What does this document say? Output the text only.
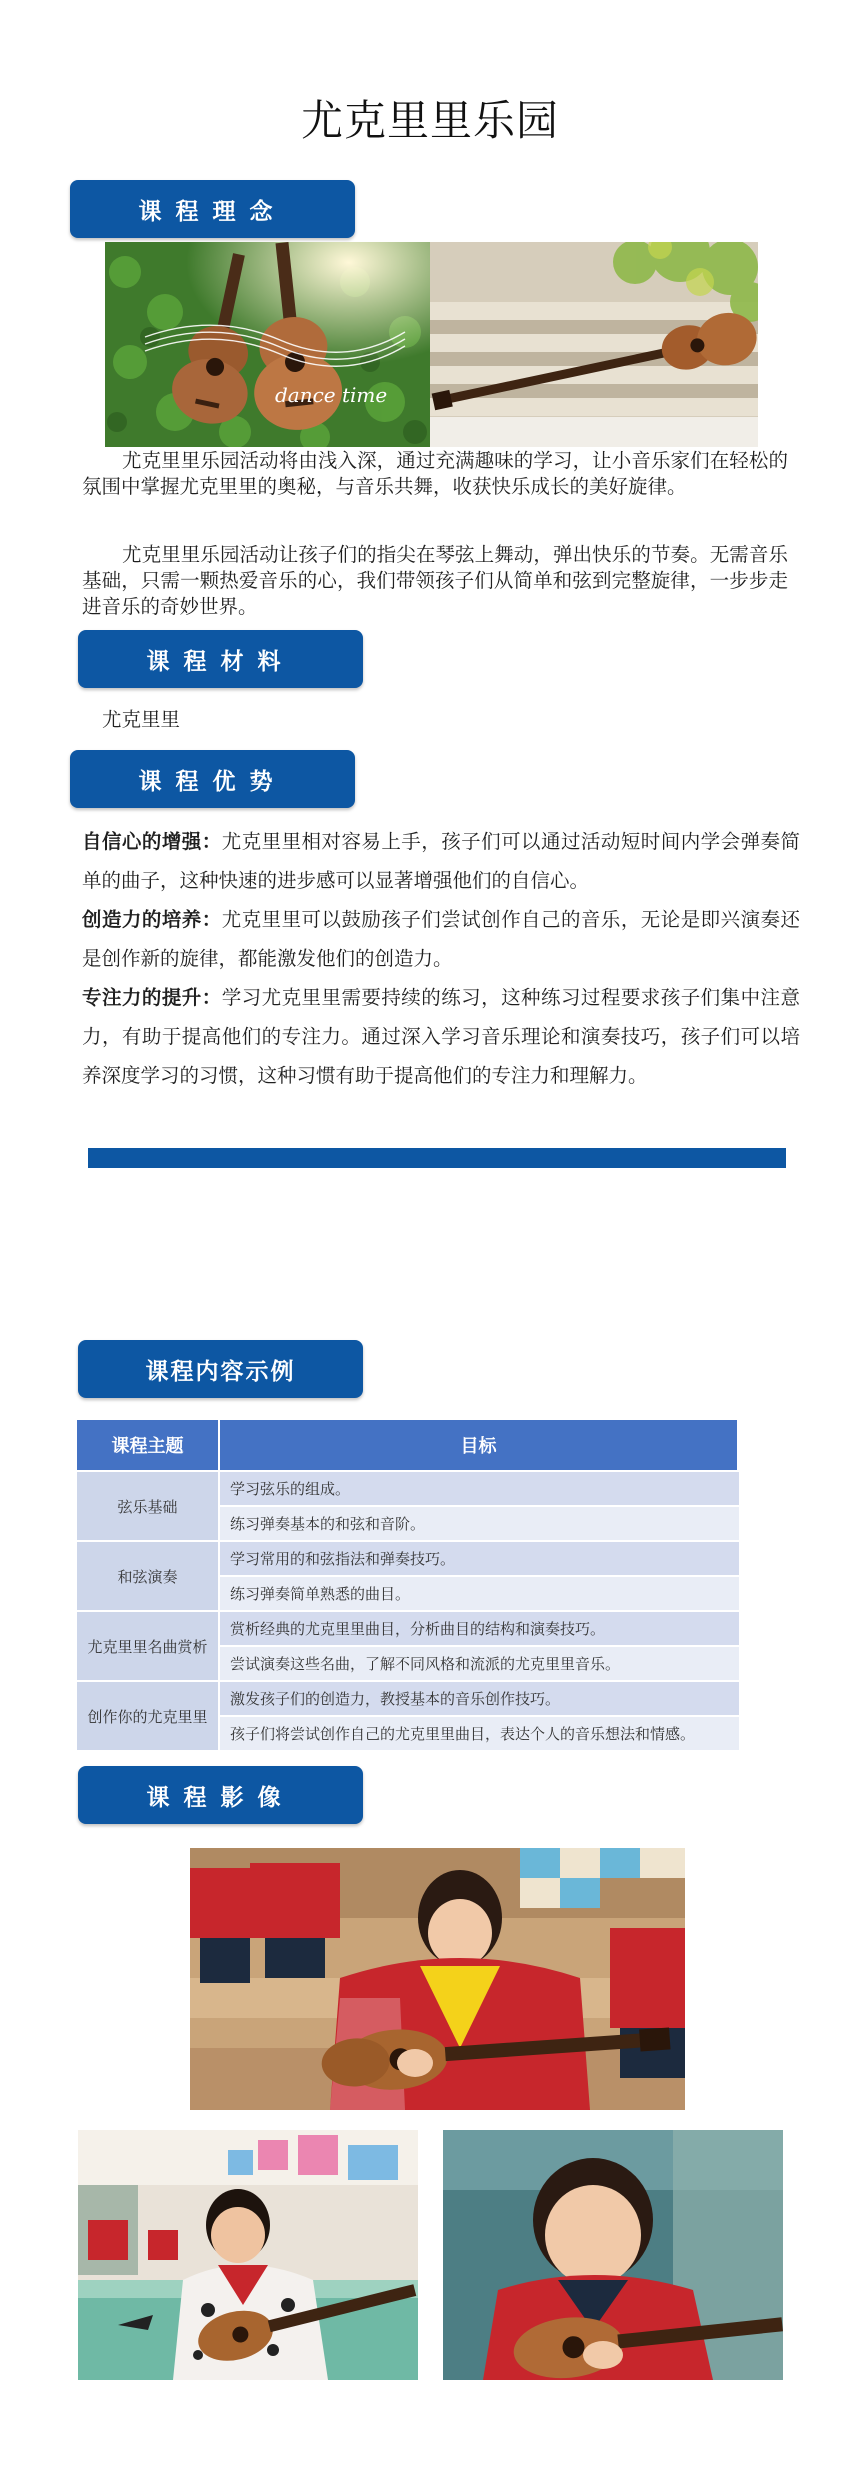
尤克里里乐园
课程理念
dance time
尤克里里乐园活动将由浅入深，通过充满趣味的学习，让小音乐家们在轻松的氛围中掌握尤克里里的奥秘，与音乐共舞，收获快乐成长的美好旋律。
尤克里里乐园活动让孩子们的指尖在琴弦上舞动，弹出快乐的节奏。无需音乐基础，只需一颗热爱音乐的心，我们带领孩子们从简单和弦到完整旋律，一步步走进音乐的奇妙世界。
课程材料
尤克里里
课程优势
自信心的增强：尤克里里相对容易上手，孩子们可以通过活动短时间内学会弹奏简单的曲子，这种快速的进步感可以显著增强他们的自信心。
创造力的培养：尤克里里可以鼓励孩子们尝试创作自己的音乐，无论是即兴演奏还是创作新的旋律，都能激发他们的创造力。
专注力的提升：学习尤克里里需要持续的练习，这种练习过程要求孩子们集中注意力，有助于提高他们的专注力。通过深入学习音乐理论和演奏技巧，孩子们可以培养深度学习的习惯，这种习惯有助于提高他们的专注力和理解力。
课程内容示例
课程主题	目标
弦乐基础	学习弦乐的组成。
	练习弹奏基本的和弦和音阶。
和弦演奏	学习常用的和弦指法和弹奏技巧。
	练习弹奏简单熟悉的曲目。
尤克里里名曲赏析	赏析经典的尤克里里曲目，分析曲目的结构和演奏技巧。
	尝试演奏这些名曲，了解不同风格和流派的尤克里里音乐。
创作你的尤克里里	激发孩子们的创造力，教授基本的音乐创作技巧。
	孩子们将尝试创作自己的尤克里里曲目，表达个人的音乐想法和情感。
课程影像
